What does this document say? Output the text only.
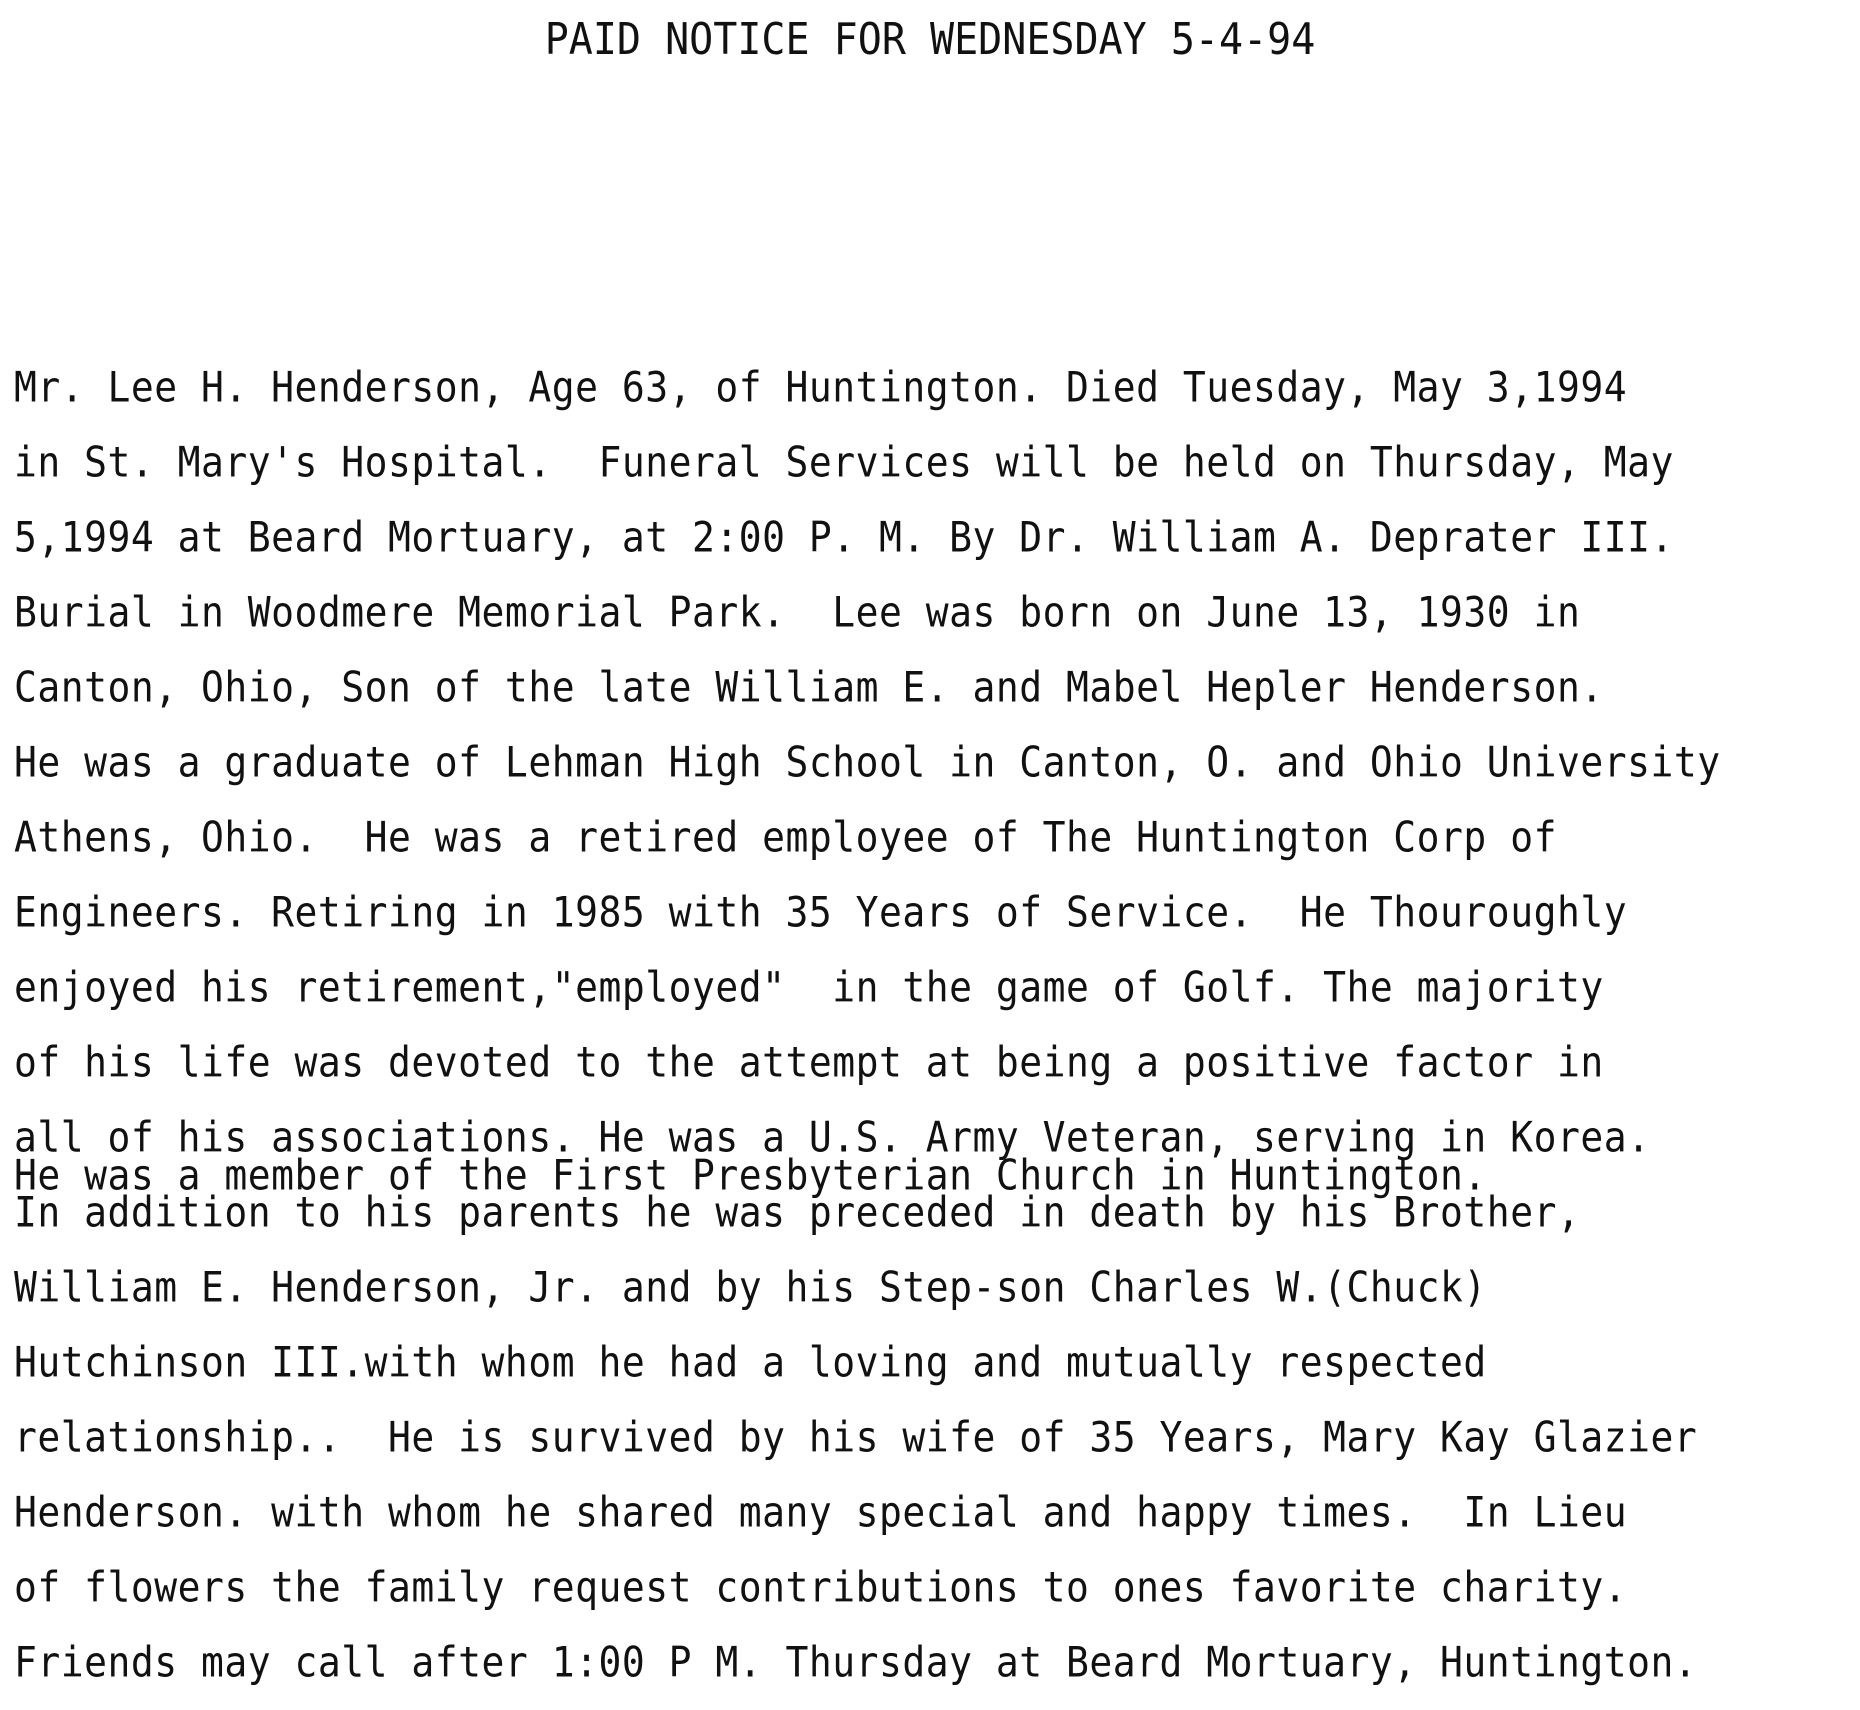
PAID NOTICE FOR WEDNESDAY 5-4-94
Mr. Lee H. Henderson, Age 63, of Huntington. Died Tuesday, May 3,1994
in St. Mary's Hospital.  Funeral Services will be held on Thursday, May
5,1994 at Beard Mortuary, at 2:00 P. M. By Dr. William A. Deprater III.
Burial in Woodmere Memorial Park.  Lee was born on June 13, 1930 in
Canton, Ohio, Son of the late William E. and Mabel Hepler Henderson.
He was a graduate of Lehman High School in Canton, O. and Ohio University
Athens, Ohio.  He was a retired employee of The Huntington Corp of
Engineers. Retiring in 1985 with 35 Years of Service.  He Thouroughly
enjoyed his retirement,"employed"  in the game of Golf. The majority
of his life was devoted to the attempt at being a positive factor in
all of his associations. He was a U.S. Army Veteran, serving in Korea.
He was a member of the First Presbyterian Church in Huntington.
In addition to his parents he was preceded in death by his Brother,
William E. Henderson, Jr. and by his Step-son Charles W.(Chuck)
Hutchinson III.with whom he had a loving and mutually respected
relationship..  He is survived by his wife of 35 Years, Mary Kay Glazier
Henderson. with whom he shared many special and happy times.  In Lieu
of flowers the family request contributions to ones favorite charity.
Friends may call after 1:00 P M. Thursday at Beard Mortuary, Huntington.
